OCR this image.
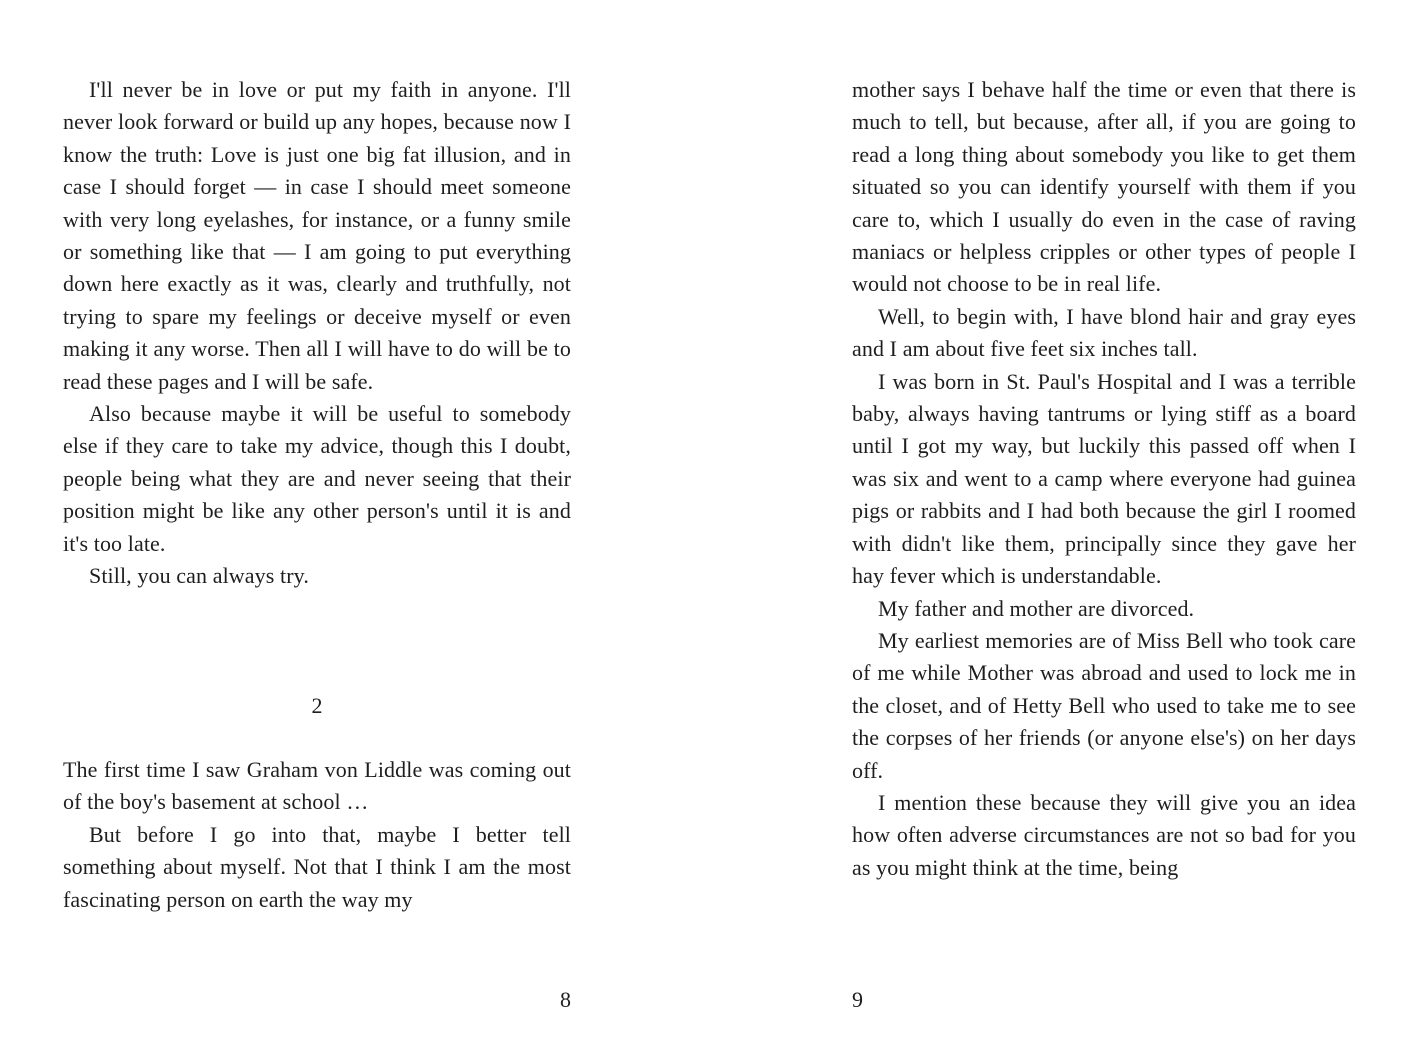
I'll never be in love or put my faith in anyone. I'll never look forward or build up any hopes, because now I know the truth: Love is just one big fat illusion, and in case I should forget — in case I should meet someone with very long eyelashes, for instance, or a funny smile or something like that — I am going to put everything down here exactly as it was, clearly and truthfully, not trying to spare my feelings or deceive myself or even making it any worse. Then all I will have to do will be to read these pages and I will be safe.

Also because maybe it will be useful to somebody else if they care to take my advice, though this I doubt, people being what they are and never seeing that their position might be like any other person's until it is and it's too late.

Still, you can always try.

2

The first time I saw Graham von Liddle was coming out of the boy's basement at school …

But before I go into that, maybe I better tell something about myself. Not that I think I am the most fascinating person on earth the way my

mother says I behave half the time or even that there is much to tell, but because, after all, if you are going to read a long thing about somebody you like to get them situated so you can identify yourself with them if you care to, which I usually do even in the case of raving maniacs or helpless cripples or other types of people I would not choose to be in real life.

Well, to begin with, I have blond hair and gray eyes and I am about five feet six inches tall.

I was born in St. Paul's Hospital and I was a terrible baby, always having tantrums or lying stiff as a board until I got my way, but luckily this passed off when I was six and went to a camp where everyone had guinea pigs or rabbits and I had both because the girl I roomed with didn't like them, principally since they gave her hay fever which is understandable.

My father and mother are divorced.

My earliest memories are of Miss Bell who took care of me while Mother was abroad and used to lock me in the closet, and of Hetty Bell who used to take me to see the corpses of her friends (or anyone else's) on her days off.

I mention these because they will give you an idea how often adverse circumstances are not so bad for you as you might think at the time, being

8	9
